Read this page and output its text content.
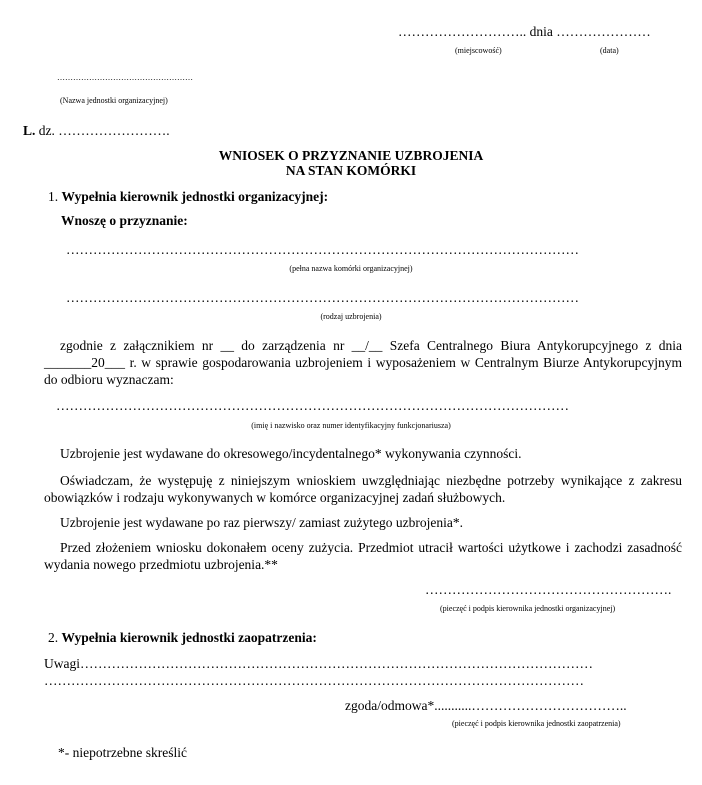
……………………….. dnia …………………
(miejscowość)	(data)
……………………………………………
(Nazwa jednostki organizacyjnej)
L. dz. …………………….
WNIOSEK O PRZYZNANIE UZBROJENIA
NA STAN KOMÓRKI
1. Wypełnia kierownik jednostki organizacyjnej:
Wnoszę o przyznanie:
……………………………………………………………………………………………………
(pełna nazwa komórki organizacyjnej)
……………………………………………………………………………………………………
(rodzaj uzbrojenia)
zgodnie z załącznikiem nr __ do zarządzenia nr __/__ Szefa Centralnego Biura Antykorupcyjnego z dnia _______20___ r. w sprawie gospodarowania uzbrojeniem i wyposażeniem w Centralnym Biurze Antykorupcyjnym do odbioru wyznaczam:
……………………………………………………………………………………………………
(imię i nazwisko oraz numer identyfikacyjny funkcjonariusza)
Uzbrojenie jest wydawane do okresowego/incydentalnego* wykonywania czynności.
Oświadczam, że występuję z niniejszym wnioskiem uwzględniając niezbędne potrzeby wynikające z zakresu obowiązków i rodzaju wykonywanych w komórce organizacyjnej zadań służbowych.
Uzbrojenie jest wydawane po raz pierwszy/ zamiast zużytego uzbrojenia*.
Przed złożeniem wniosku dokonałem oceny zużycia. Przedmiot utracił wartości użytkowe i zachodzi zasadność wydania nowego przedmiotu uzbrojenia.**
……………………………………………….
(pieczęć i podpis kierownika jednostki organizacyjnej)
2. Wypełnia kierownik jednostki zaopatrzenia:
Uwagi……………………………………………………………………………………………………
…………………………………………………………………………………………………………
zgoda/odmowa*...........……………………………..
(pieczęć i podpis kierownika jednostki zaopatrzenia)
*- niepotrzebne skreślić
